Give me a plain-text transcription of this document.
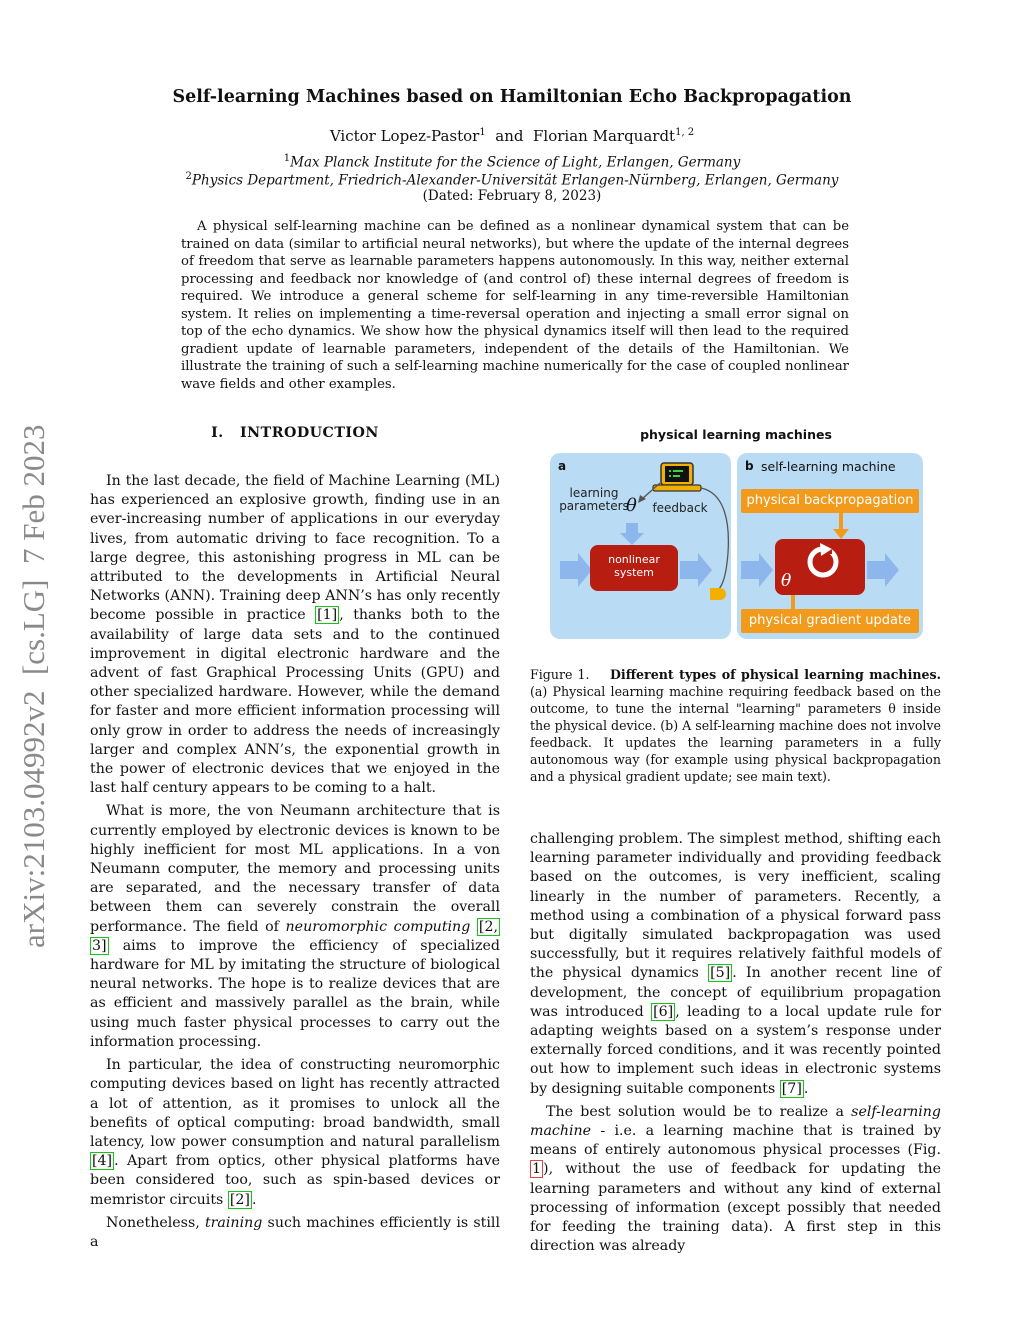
arXiv:2103.04992v2  [cs.LG]  7 Feb 2023
Self-learning Machines based on Hamiltonian Echo Backpropagation
Victor Lopez-Pastor$^1$ and Florian Marquardt$^{1, 2}$
$^1$Max Planck Institute for the Science of Light, Erlangen, Germany
$^2$Physics Department, Friedrich-Alexander-Universität Erlangen-Nürnberg, Erlangen, Germany
(Dated: February 8, 2023)
A physical self-learning machine can be defined as a nonlinear dynamical system that can be trained on data (similar to artificial neural networks), but where the update of the internal degrees of freedom that serve as learnable parameters happens autonomously. In this way, neither external processing and feedback nor knowledge of (and control of) these internal degrees of freedom is required. We introduce a general scheme for self-learning in any time-reversible Hamiltonian system. It relies on implementing a time-reversal operation and injecting a small error signal on top of the echo dynamics. We show how the physical dynamics itself will then lead to the required gradient update of learnable parameters, independent of the details of the Hamiltonian. We illustrate the training of such a self-learning machine numerically for the case of coupled nonlinear wave fields and other examples.
I. INTRODUCTION

In the last decade, the field of Machine Learning (ML) has experienced an explosive growth, finding use in an ever-increasing number of applications in our everyday lives, from automatic driving to face recognition. To a large degree, this astonishing progress in ML can be attributed to the developments in Artificial Neural Networks (ANN). Training deep ANN’s has only recently become possible in practice [1] , thanks both to the availability of large data sets and to the continued improvement in digital electronic hardware and the advent of fast Graphical Processing Units (GPU) and other specialized hardware. However, while the demand for faster and more efficient information processing will only grow in order to address the needs of increasingly larger and complex ANN’s, the exponential growth in the power of electronic devices that we enjoyed in the last half century appears to be coming to a halt.

What is more, the von Neumann architecture that is currently employed by electronic devices is known to be highly inefficient for most ML applications. In a von Neumann computer, the memory and processing units are separated, and the necessary transfer of data between them can severely constrain the overall performance. The field of neuromorphic computing [2, 3] aims to improve the efficiency of specialized hardware for ML by imitating the structure of biological neural networks. The hope is to realize devices that are as efficient and massively parallel as the brain, while using much faster physical processes to carry out the information processing.

In particular, the idea of constructing neuromorphic computing devices based on light has recently attracted a lot of attention, as it promises to unlock all the benefits of optical computing: broad bandwidth, small latency, low power consumption and natural parallelism [4] . Apart from optics, other physical platforms have been considered too, such as spin-based devices or memristor circuits [2] .

Nonetheless, training such machines efficiently is still a

physical learning machines
a
learning
parameters
θ	feedback
nonlinear
system
b self-learning machine
physical backpropagation
physical gradient update
θ
Figure 1. Different types of physical learning machines. (a) Physical learning machine requiring feedback based on the outcome, to tune the internal "learning" parameters θ inside the physical device. (b) A self-learning machine does not involve feedback. It updates the learning parameters in a fully autonomous way (for example using physical backpropagation and a physical gradient update; see main text).

challenging problem. The simplest method, shifting each learning parameter individually and providing feedback based on the outcomes, is very inefficient, scaling linearly in the number of parameters. Recently, a method using a combination of a physical forward pass but digitally simulated backpropagation was used successfully, but it requires relatively faithful models of the physical dynamics [5] . In another recent line of development, the concept of equilibrium propagation was introduced [6] , leading to a local update rule for adapting weights based on a system’s response under externally forced conditions, and it was recently pointed out how to implement such ideas in electronic systems by designing suitable components [7] .

The best solution would be to realize a self-learning machine - i.e. a learning machine that is trained by means of entirely autonomous physical processes (Fig. 1 ), without the use of feedback for updating the learning parameters and without any kind of external processing of information (except possibly that needed for feeding the training data). A first step in this direction was already
